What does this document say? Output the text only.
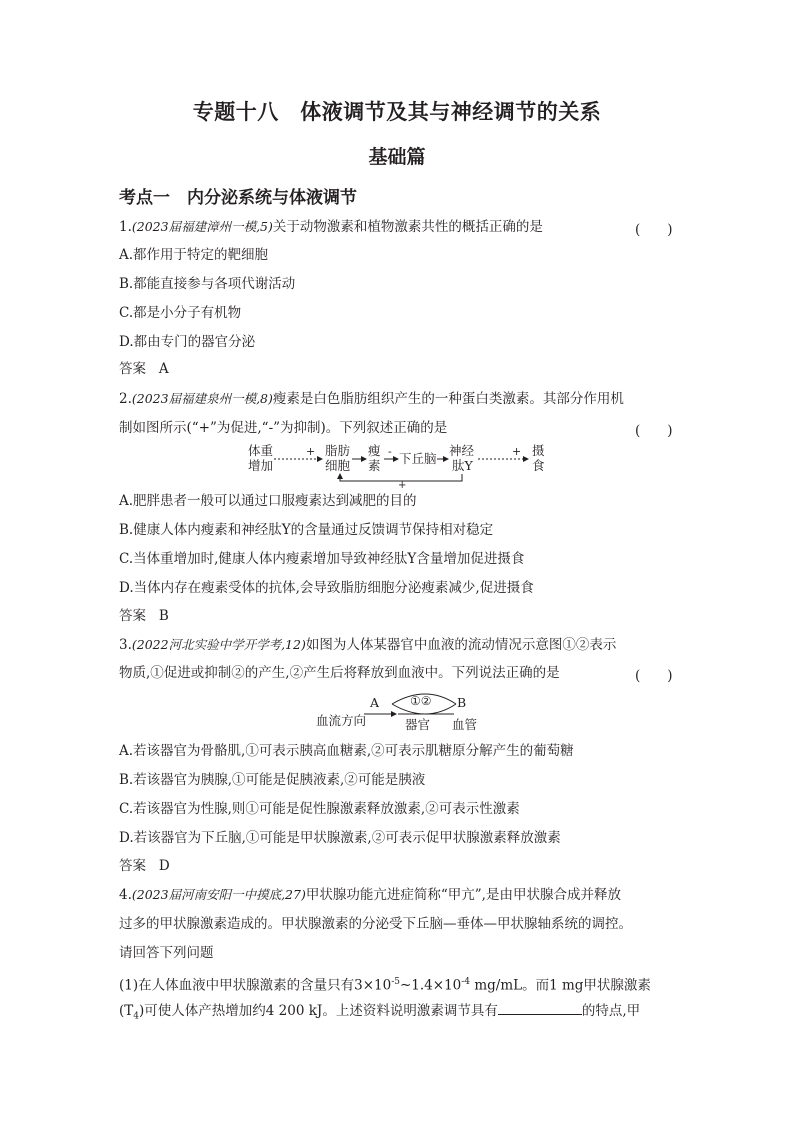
专题十八　体液调节及其与神经调节的关系
基础篇
考点一　内分泌系统与体液调节
1.(2023届福建漳州一模,5)关于动物激素和植物激素共性的概括正确的是	(　　)
A.都作用于特定的靶细胞
B.都能直接参与各项代谢活动
C.都是小分子有机物
D.都由专门的器官分泌
答案 A
2.(2023届福建泉州一模,8)瘦素是白色脂肪组织产生的一种蛋白类激素。其部分作用机
制如图所示(“+”为促进,“-”为抑制)。下列叙述正确的是	(　　)
体重
增加
+ 脂肪
细胞
瘦
素
- 下丘脑
神经
肽Y
+ 摄
食
+
A.肥胖患者一般可以通过口服瘦素达到减肥的目的
B.健康人体内瘦素和神经肽Y的含量通过反馈调节保持相对稳定
C.当体重增加时,健康人体内瘦素增加导致神经肽Y含量增加促进摄食
D.当体内存在瘦素受体的抗体,会导致脂肪细胞分泌瘦素减少,促进摄食
答案 B
3.(2022河北实验中学开学考,12)如图为人体某器官中血液的流动情况示意图①②表示
物质,①促进或抑制②的产生,②产生后将释放到血液中。下列说法正确的是	(　　)
A	B
①②
器官
血流方向	血管
A.若该器官为骨骼肌,①可表示胰高血糖素,②可表示肌糖原分解产生的葡萄糖
B.若该器官为胰腺,①可能是促胰液素,②可能是胰液
C.若该器官为性腺,则①可能是促性腺激素释放激素,②可表示性激素
D.若该器官为下丘脑,①可能是甲状腺激素,②可表示促甲状腺激素释放激素
答案 D
4.(2023届河南安阳一中摸底,27)甲状腺功能亢进症简称“甲亢”,是由甲状腺合成并释放
过多的甲状腺激素造成的。甲状腺激素的分泌受下丘脑—垂体—甲状腺轴系统的调控。
请回答下列问题
(1)在人体血液中甲状腺激素的含量只有$3\times 10^{-5}\sim 1.4\times 10^{-4}$ mg/mL。而1 mg甲状腺激素
$(T_4)$可使人体产热增加约4 200 kJ。上述资料说明激素调节具有	的特点,甲
